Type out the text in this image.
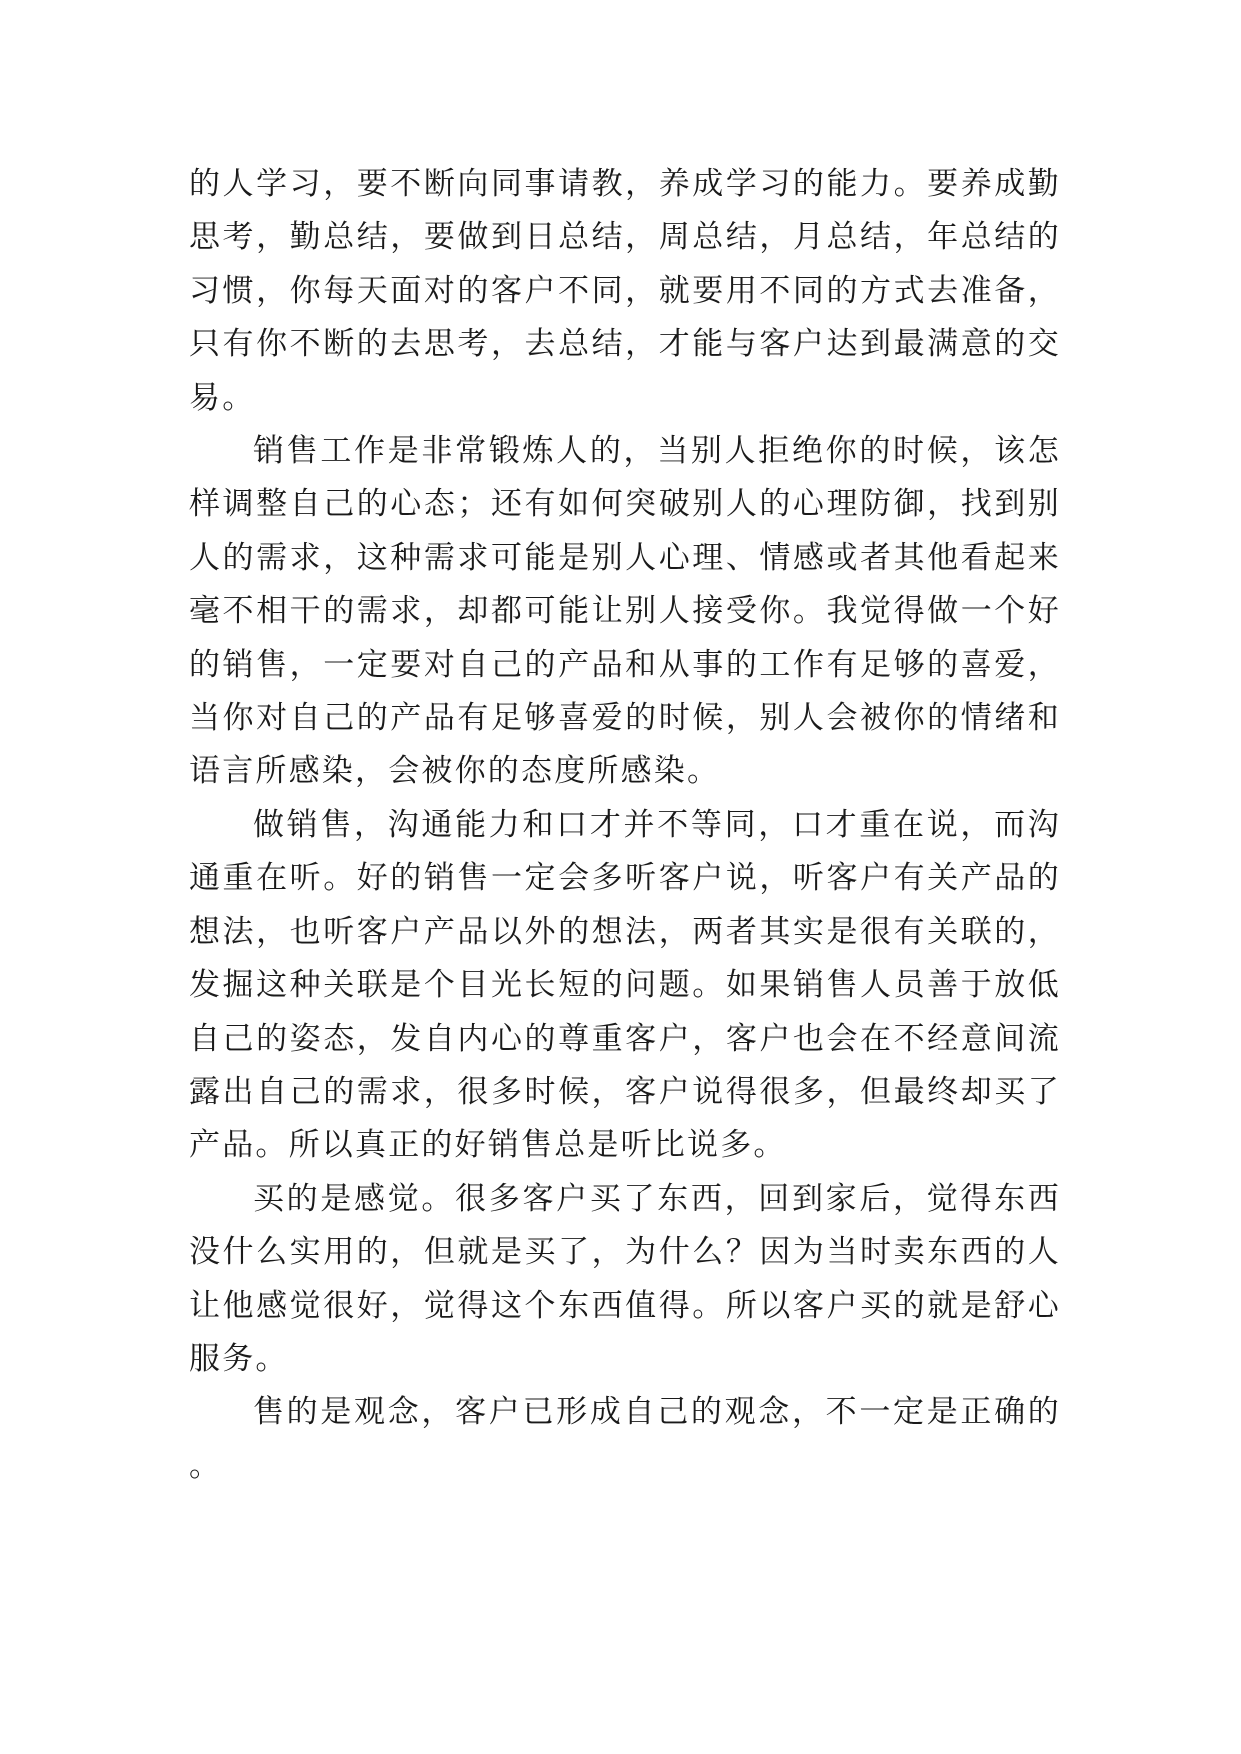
的人学习，要不断向同事请教，养成学习的能力。要养成勤思考，勤总结，要做到日总结，周总结，月总结，年总结的习惯，你每天面对的客户不同，就要用不同的方式去准备，只有你不断的去思考，去总结，才能与客户达到最满意的交易。

销售工作是非常锻炼人的，当别人拒绝你的时候，该怎样调整自己的心态；还有如何突破别人的心理防御，找到别人的需求，这种需求可能是别人心理、情感或者其他看起来毫不相干的需求，却都可能让别人接受你。我觉得做一个好的销售，一定要对自己的产品和从事的工作有足够的喜爱，当你对自己的产品有足够喜爱的时候，别人会被你的情绪和语言所感染，会被你的态度所感染。

做销售，沟通能力和口才并不等同，口才重在说，而沟通重在听。好的销售一定会多听客户说，听客户有关产品的想法，也听客户产品以外的想法，两者其实是很有关联的，发掘这种关联是个目光长短的问题。如果销售人员善于放低自己的姿态，发自内心的尊重客户，客户也会在不经意间流露出自己的需求，很多时候，客户说得很多，但最终却买了产品。所以真正的好销售总是听比说多。

买的是感觉。很多客户买了东西，回到家后，觉得东西没什么实用的，但就是买了，为什么？因为当时卖东西的人让他感觉很好，觉得这个东西值得。所以客户买的就是舒心服务。

售的是观念，客户已形成自己的观念，不一定是正确的。
